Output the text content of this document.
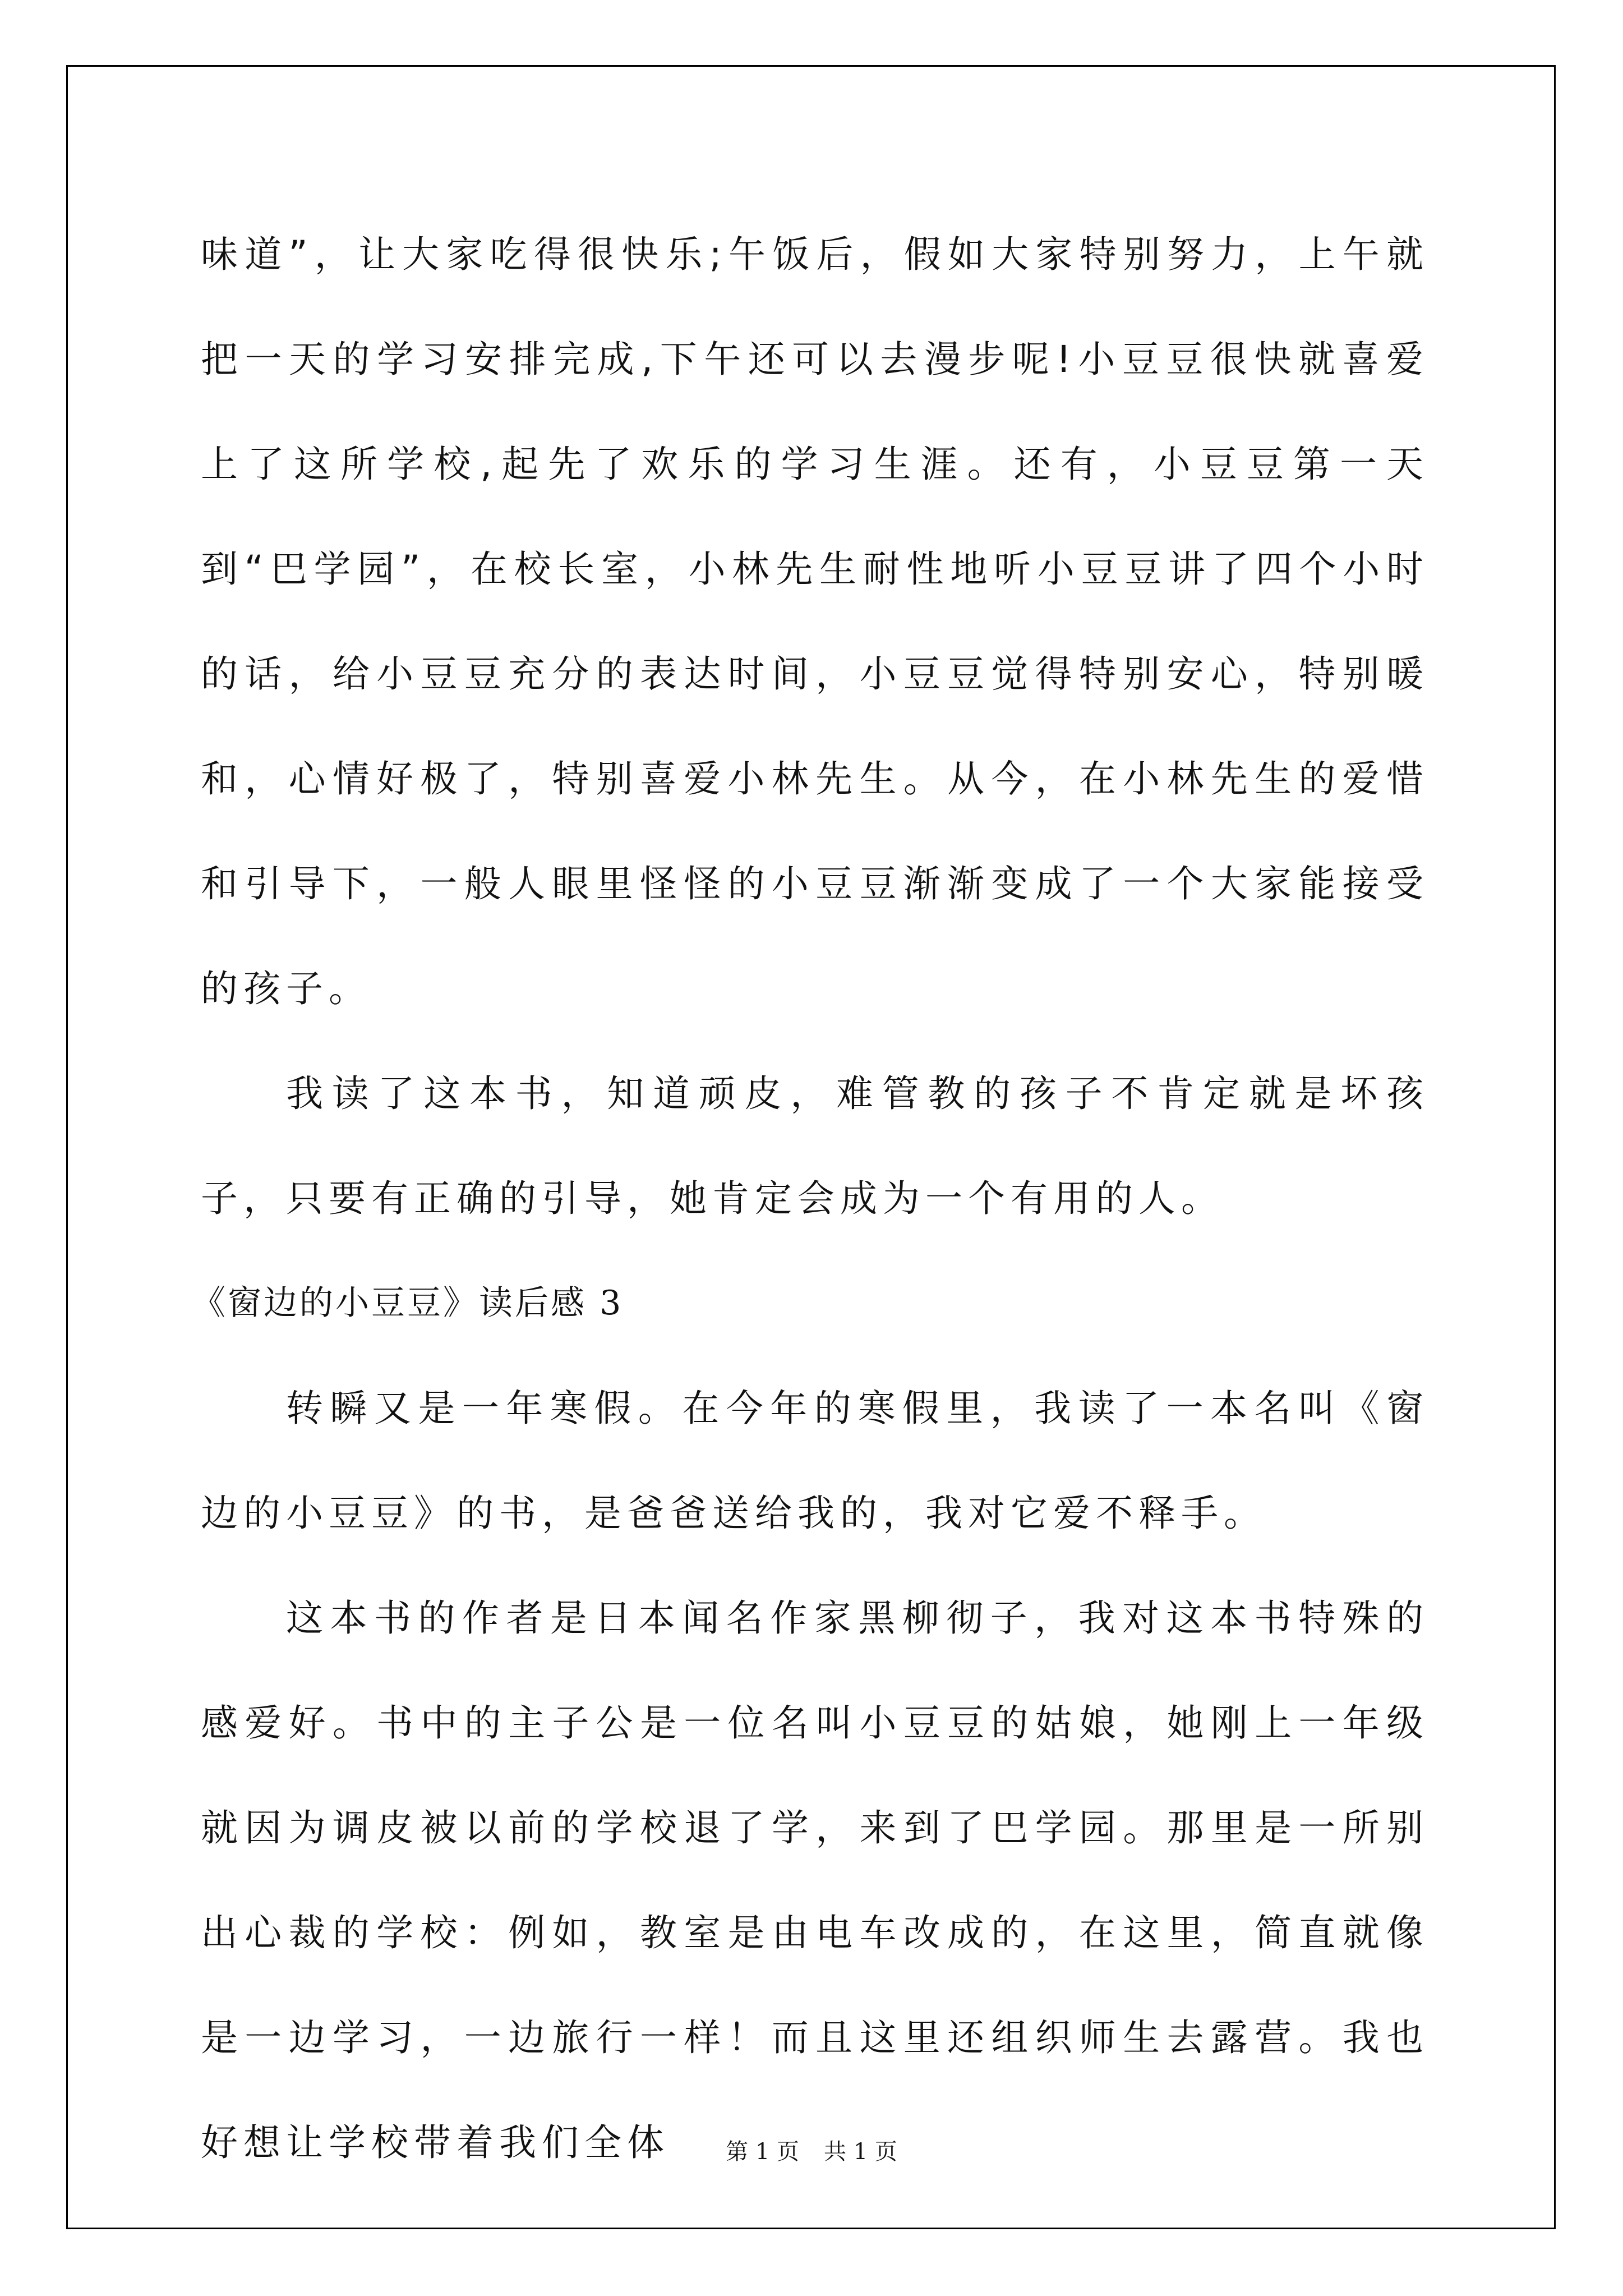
味道”，让大家吃得很快乐;午饭后，假如大家特别努力，上午就把一天的学习安排完成,下午还可以去漫步呢!小豆豆很快就喜爱上了这所学校,起先了欢乐的学习生涯。还有，小豆豆第一天到“巴学园”，在校长室，小林先生耐性地听小豆豆讲了四个小时的话，给小豆豆充分的表达时间，小豆豆觉得特别安心，特别暖和，心情好极了，特别喜爱小林先生。从今，在小林先生的爱惜和引导下，一般人眼里怪怪的小豆豆渐渐变成了一个大家能接受的孩子。

我读了这本书，知道顽皮，难管教的孩子不肯定就是坏孩子，只要有正确的引导，她肯定会成为一个有用的人。

《窗边的小豆豆》读后感 3

转瞬又是一年寒假。在今年的寒假里，我读了一本名叫《窗边的小豆豆》的书，是爸爸送给我的，我对它爱不释手。

这本书的作者是日本闻名作家黑柳彻子，我对这本书特殊的感爱好。书中的主子公是一位名叫小豆豆的姑娘，她刚上一年级就因为调皮被以前的学校退了学，来到了巴学园。那里是一所别出心裁的学校：例如，教室是由电车改成的，在这里，简直就像是一边学习，一边旅行一样！而且这里还组织师生去露营。我也好想让学校带着我们全体	第 1 页 共 1 页
